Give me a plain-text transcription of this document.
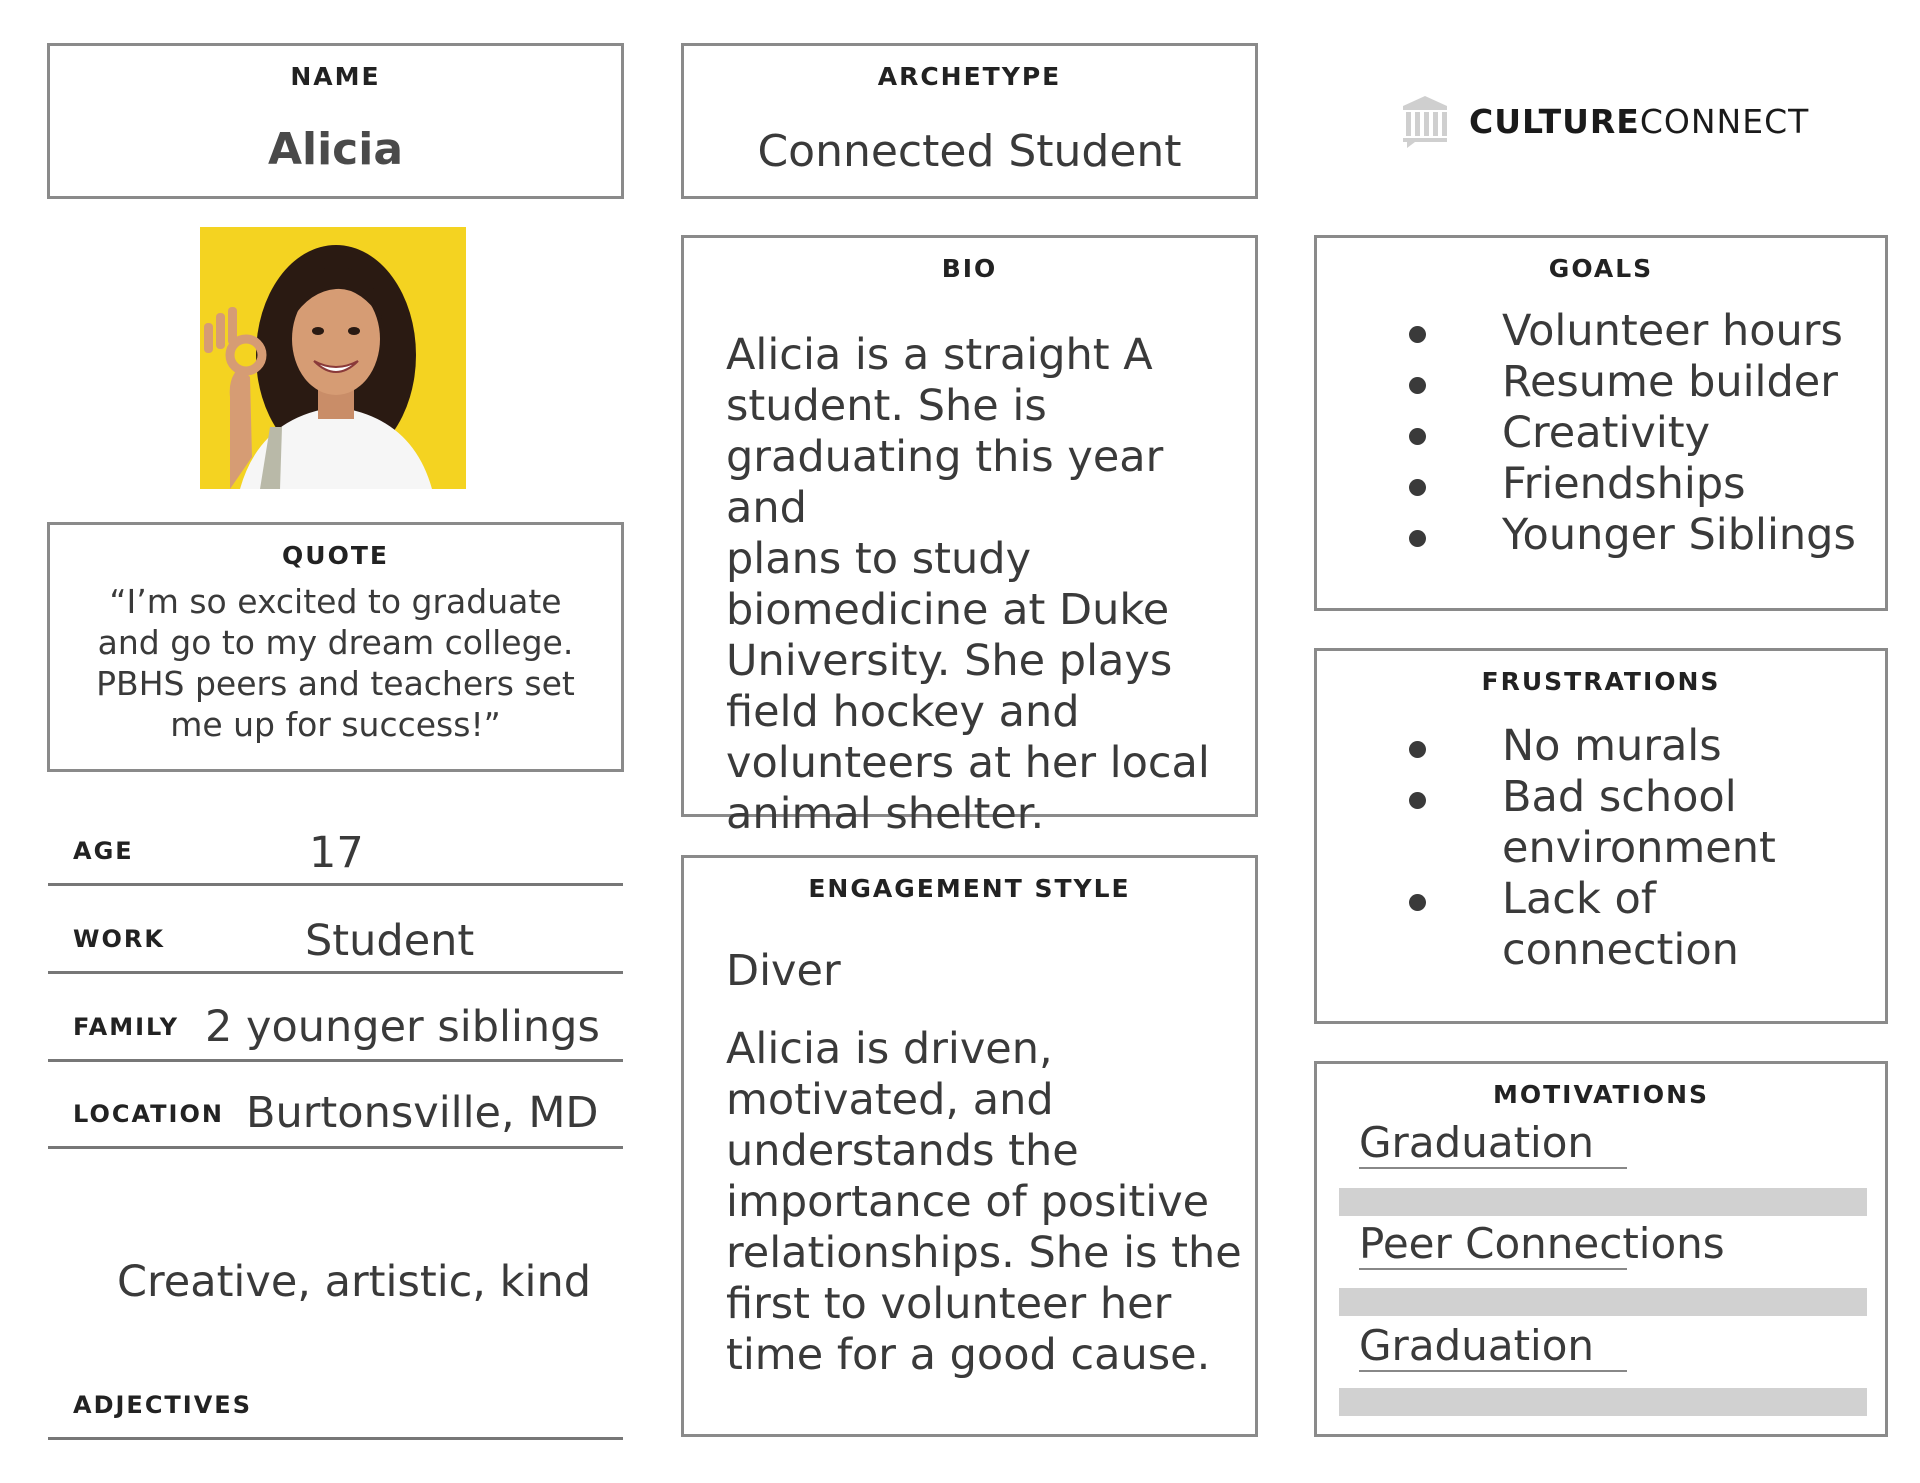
NAME
Alicia
ARCHETYPE
Connected Student
CULTURECONNECT
QUOTE
“I’m so excited to graduate
and go to my dream college.
PBHS peers and teachers set
me up for success!”
AGE	17
WORK	Student
FAMILY 2 younger siblings
LOCATION Burtonsville, MD
Creative, artistic, kind
ADJECTIVES
BIO
Alicia is a straight A
student. She is
graduating this year and
plans to study
biomedicine at Duke
University. She plays
field hockey and
volunteers at her local
animal shelter.
ENGAGEMENT STYLE
Diver
Alicia is driven,
motivated, and
understands the
importance of positive
relationships. She is the
first to volunteer her
time for a good cause.
GOALS
Volunteer hours
Resume builder
Creativity
Friendships
Younger Siblings
FRUSTRATIONS
No murals
Bad school
environment
Lack of
connection
MOTIVATIONS
Graduation
Peer Connections
Graduation
